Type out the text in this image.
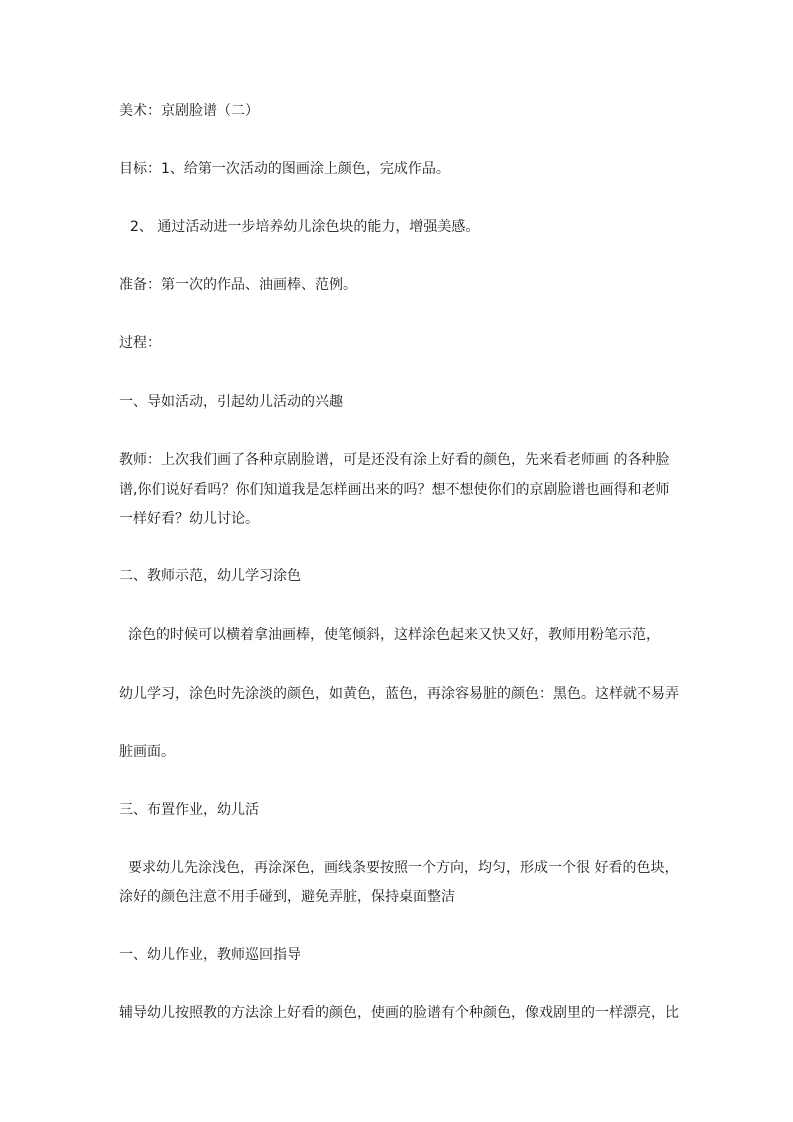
美术：京剧脸谱（二）

目标：1、给第一次活动的图画涂上颜色，完成作品。

2、 通过活动进一步培养幼儿涂色块的能力，增强美感。

准备：第一次的作品、油画棒、范例。

过程：

一、导如活动，引起幼儿活动的兴趣

教师：上次我们画了各种京剧脸谱，可是还没有涂上好看的颜色，先来看老师画 的各种脸

谱,你们说好看吗？你们知道我是怎样画出来的吗？想不想使你们的京剧脸谱也画得和老师

一样好看？幼儿讨论。

二、教师示范，幼儿学习涂色

涂色的时候可以横着拿油画棒，使笔倾斜，这样涂色起来又快又好，教师用粉笔示范，

幼儿学习，涂色时先涂淡的颜色，如黄色，蓝色，再涂容易脏的颜色：黑色。这样就不易弄

脏画面。

三、布置作业，幼儿活

要求幼儿先涂浅色，再涂深色，画线条要按照一个方向，均匀，形成一个很 好看的色块，

涂好的颜色注意不用手碰到，避免弄脏，保持桌面整洁

一、幼儿作业，教师巡回指导

辅导幼儿按照教的方法涂上好看的颜色，使画的脸谱有个种颜色，像戏剧里的一样漂亮，比
